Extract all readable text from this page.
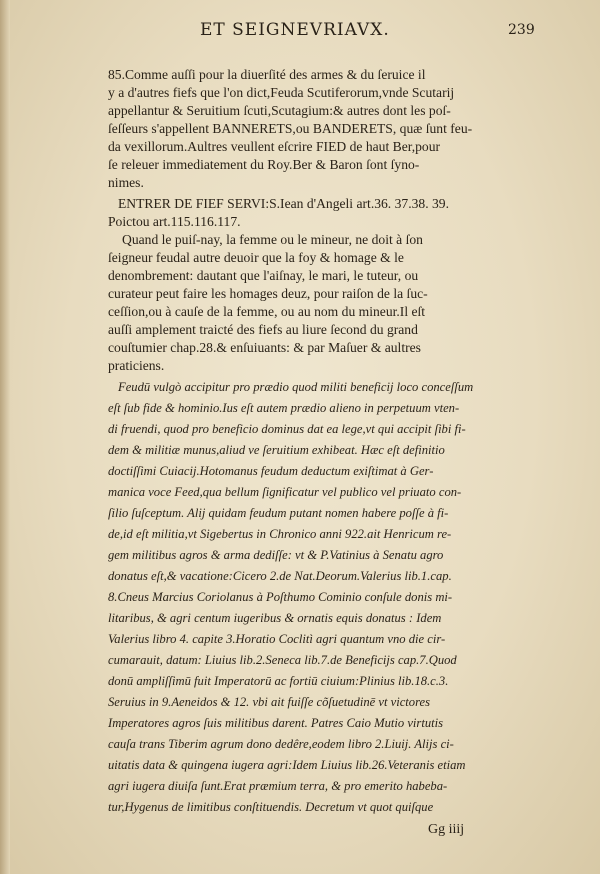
ET SEIGNEVRIAVX.	239
85.Comme auſſi pour la diuerſité des armes & du ſeruice il
y a d'autres fiefs que l'on dict,Feuda Scutiferorum,vnde Scutarij
appellantur & Seruitium ſcuti,Scutagium:& autres dont les poſ-
ſeſſeurs s'appellent BANNERETS,ou BANDERETS, quæ ſunt feu-
da vexillorum.Aultres veullent eſcrire FIED de haut Ber,pour
ſe releuer immediatement du Roy.Ber & Baron ſont ſyno-
nimes.
ENTRER DE FIEF SERVI:S.Iean d'Angeli art.36. 37.38. 39.
Poictou art.115.116.117.
Quand le puiſ-nay, la femme ou le mineur, ne doit à ſon
ſeigneur feudal autre deuoir que la foy & homage & le
denombrement: dautant que l'aiſnay, le mari, le tuteur, ou
curateur peut faire les homages deuz, pour raiſon de la ſuc-
ceſſion,ou à cauſe de la femme, ou au nom du mineur.Il eſt
auſſi amplement traicté des fiefs au liure ſecond du grand
couſtumier chap.28.& enſuiuants: & par Maſuer & aultres
praticiens.
Feudū vulgò accipitur pro prædio quod militi beneficij loco conceſſum
eſt ſub fide & hominio.Ius eſt autem prædio alieno in perpetuum vten-
di fruendi, quod pro beneficio dominus dat ea lege,vt qui accipit ſibi fi-
dem & militiæ munus,aliud ve ſeruitium exhibeat. Hæc eſt definitio
doctiſſimi Cuiacij.Hotomanus feudum deductum exiſtimat à Ger-
manica voce Feed,qua bellum ſignificatur vel publico vel priuato con-
ſilio ſuſceptum. Alij quidam feudum putant nomen habere poſſe à fi-
de,id eſt militia,vt Sigebertus in Chronico anni 922.ait Henricum re-
gem militibus agros & arma dediſſe: vt & P.Vatinius à Senatu agro
donatus eſt,& vacatione:Cicero 2.de Nat.Deorum.Valerius lib.1.cap.
8.Cneus Marcius Coriolanus à Poſthumo Cominio conſule donis mi-
litaribus, & agri centum iugeribus & ornatis equis donatus : Idem
Valerius libro 4. capite 3.Horatio Coclitì agri quantum vno die cir-
cumarauit, datum: Liuius lib.2.Seneca lib.7.de Beneficijs cap.7.Quod
donū ampliſſimū fuit Imperatorū ac fortiū ciuium:Plinius lib.18.c.3.
Seruius in 9.Aeneidos & 12. vbi ait fuiſſe cõſuetudinē vt victores
Imperatores agros ſuis militibus darent. Patres Caio Mutio virtutis
cauſa trans Tiberim agrum dono dedêre,eodem libro 2.Liuij. Alijs ci-
uitatis data & quingena iugera agri:Idem Liuius lib.26.Veteranis etiam
agri iugera diuiſa ſunt.Erat præmium terra, & pro emerito habeba-
tur,Hygenus de limitibus conſtituendis. Decretum vt quot quiſque
Gg iiij
